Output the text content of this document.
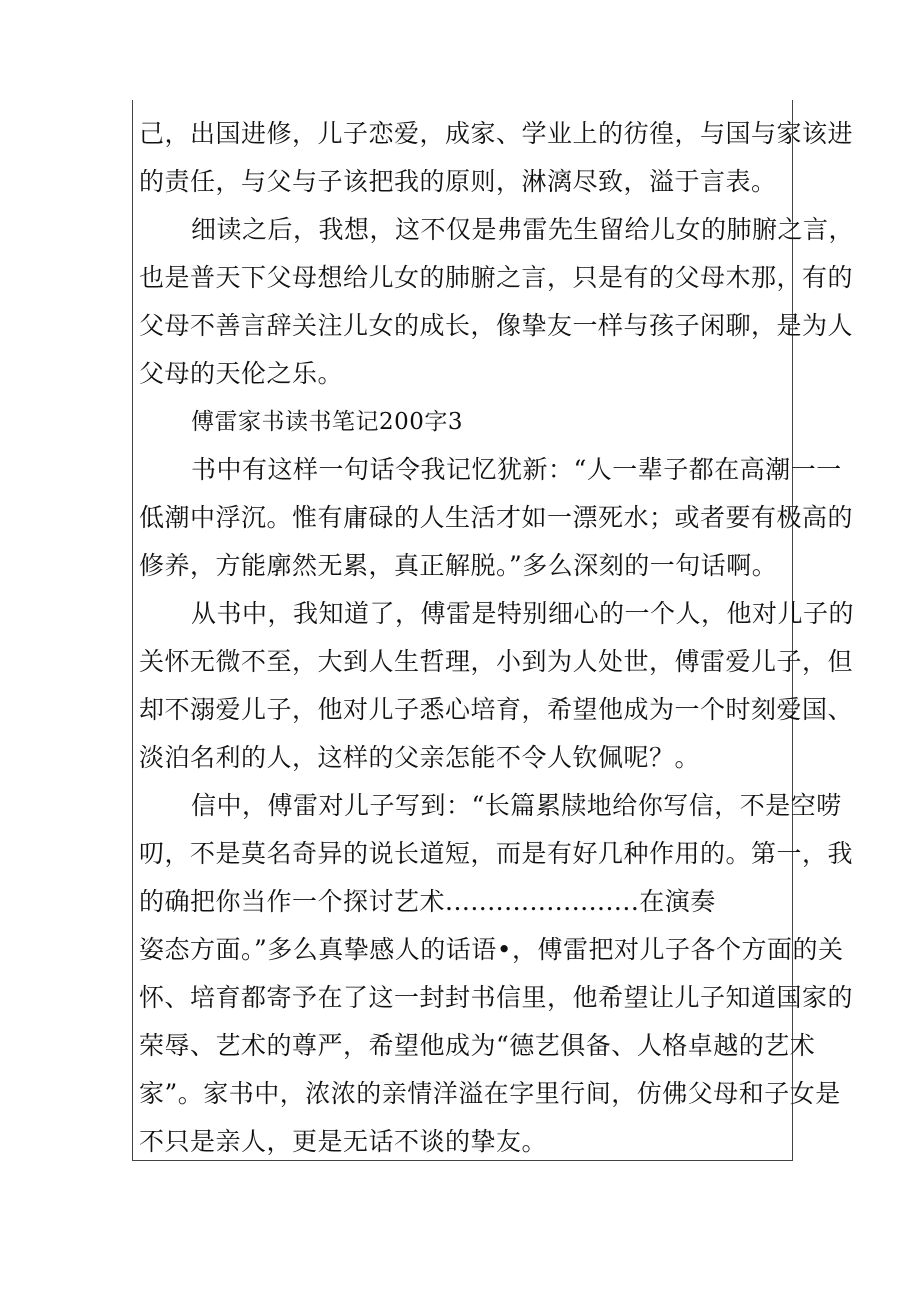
己，出国进修，儿子恋爱，成家、学业上的彷徨，与国与家该进
的责任，与父与子该把我的原则，淋漓尽致，溢于言表。

细读之后，我想，这不仅是弗雷先生留给儿女的肺腑之言，
也是普天下父母想给儿女的肺腑之言，只是有的父母木那，有的
父母不善言辞关注儿女的成长，像挚友一样与孩子闲聊，是为人
父母的天伦之乐。

傅雷家书读书笔记200字3

书中有这样一句话令我记忆犹新：“人一辈子都在高潮一一
低潮中浮沉。惟有庸碌的人生活才如一漂死水；或者要有极高的
修养，方能廓然无累，真正解脱。”多么深刻的一句话啊。

从书中，我知道了，傅雷是特别细心的一个人，他对儿子的
关怀无微不至，大到人生哲理，小到为人处世，傅雷爱儿子，但
却不溺爱儿子，他对儿子悉心培育，希望他成为一个时刻爱国、
淡泊名利的人，这样的父亲怎能不令人钦佩呢？。

信中，傅雷对儿子写到：“长篇累牍地给你写信，不是空唠
叨，不是莫名奇异的说长道短，而是有好几种作用的。第一，我
的确把你当作一个探讨艺术.......................在演奏
姿态方面。”多么真挚感人的话语•，傅雷把对儿子各个方面的关
怀、培育都寄予在了这一封封书信里，他希望让儿子知道国家的
荣辱、艺术的尊严，希望他成为“德艺俱备、人格卓越的艺术
家”。家书中，浓浓的亲情洋溢在字里行间，仿佛父母和子女是
不只是亲人，更是无话不谈的挚友。
